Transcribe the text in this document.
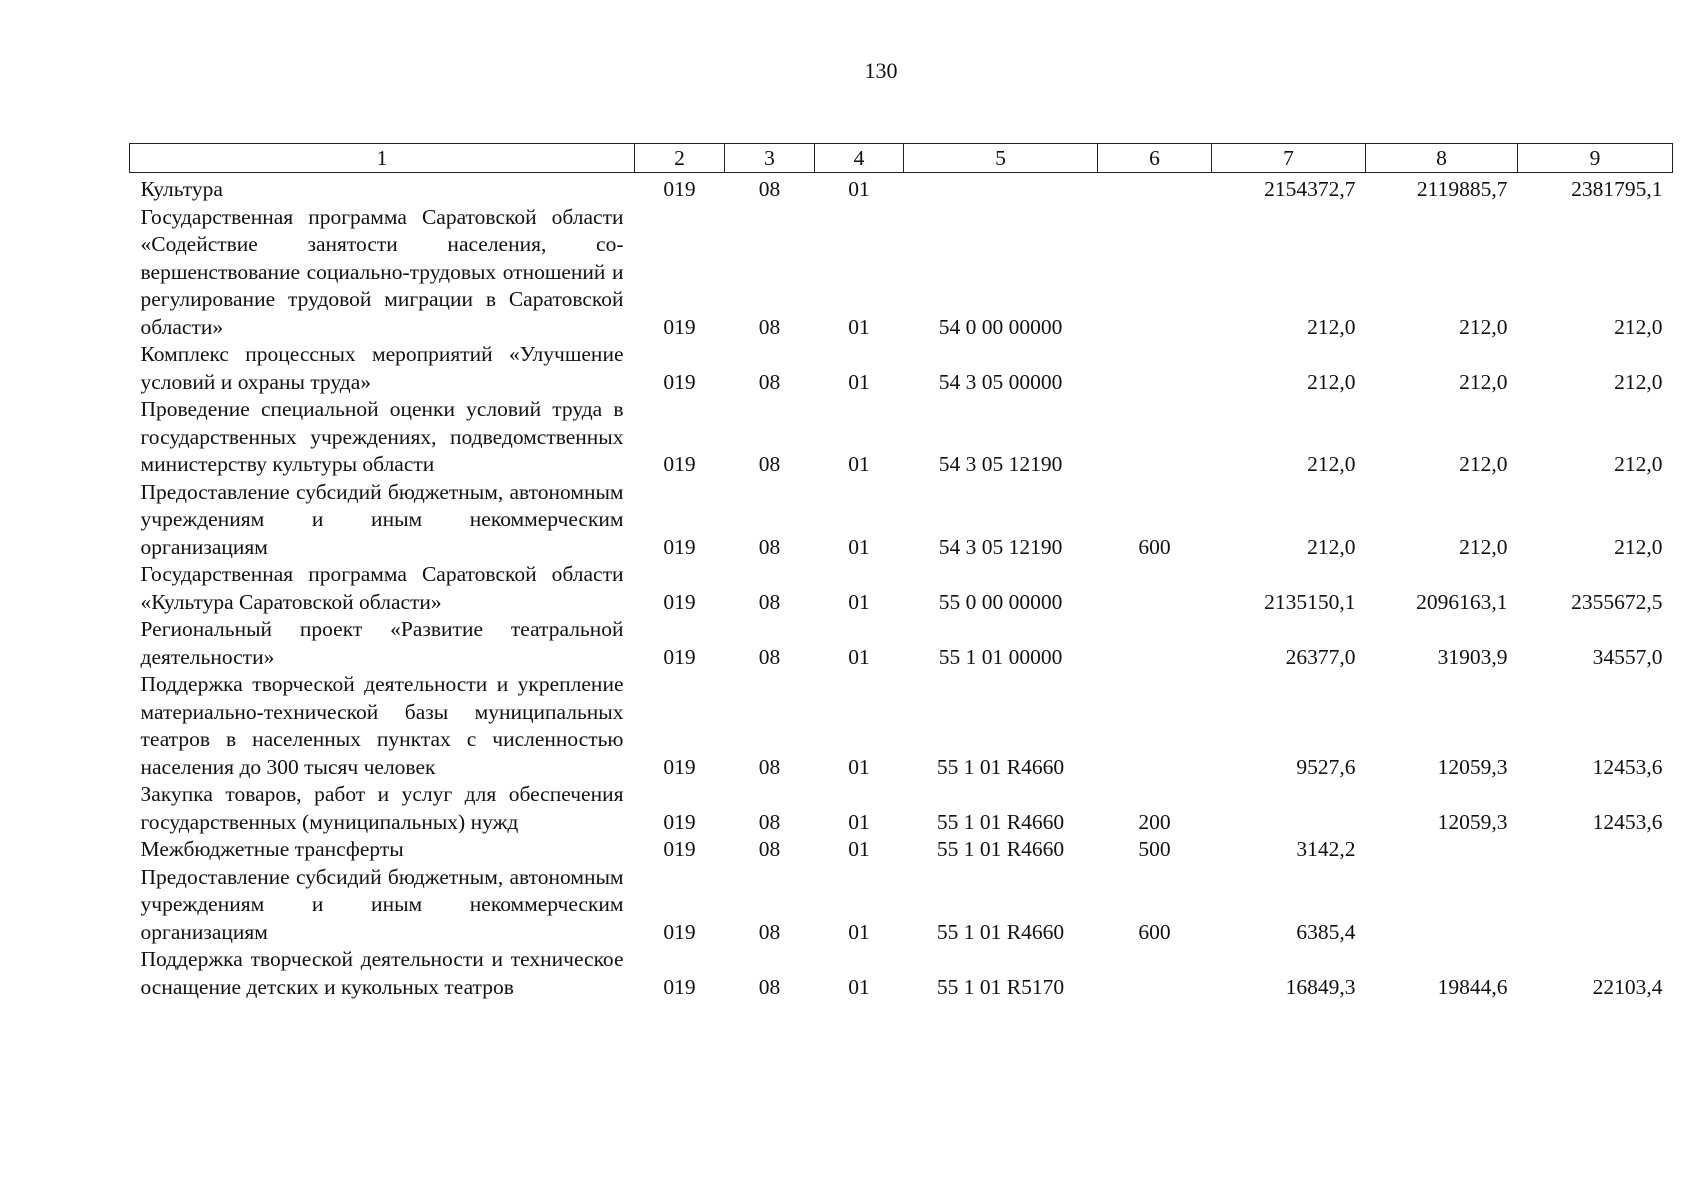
130
1	2	3	4	5	6	7	8	9
Культура	019	08	01			2154372,7	2119885,7	2381795,1
Государственная программа Саратовской области «Содействие занятости населения, совершенствование социально-трудовых отношений и регулирование трудовой миграции в Саратовской области»	019	08	01	54 0 00 00000		212,0	212,0	212,0
Комплекс процессных мероприятий «Улучшение условий и охраны труда»	019	08	01	54 3 05 00000		212,0	212,0	212,0
Проведение специальной оценки условий труда в государственных учреждениях, подведомственных министерству культуры области	019	08	01	54 3 05 12190		212,0	212,0	212,0
Предоставление субсидий бюджетным, автономным учреждениям и иным некоммерческим организациям	019	08	01	54 3 05 12190	600	212,0	212,0	212,0
Государственная программа Саратовской области «Культура Саратовской области»	019	08	01	55 0 00 00000		2135150,1	2096163,1	2355672,5
Региональный проект «Развитие театральной деятельности»	019	08	01	55 1 01 00000		26377,0	31903,9	34557,0
Поддержка творческой деятельности и укрепление материально-технической базы муниципальных театров в населенных пунктах с численностью населения до 300 тысяч человек	019	08	01	55 1 01 R4660		9527,6	12059,3	12453,6
Закупка товаров, работ и услуг для обеспечения государственных (муниципальных) нужд	019	08	01	55 1 01 R4660	200		12059,3	12453,6
Межбюджетные трансферты	019	08	01	55 1 01 R4660	500	3142,2		
Предоставление субсидий бюджетным, автономным учреждениям и иным некоммерческим организациям	019	08	01	55 1 01 R4660	600	6385,4		
Поддержка творческой деятельности и техническое оснащение детских и кукольных театров	019	08	01	55 1 01 R5170		16849,3	19844,6	22103,4
